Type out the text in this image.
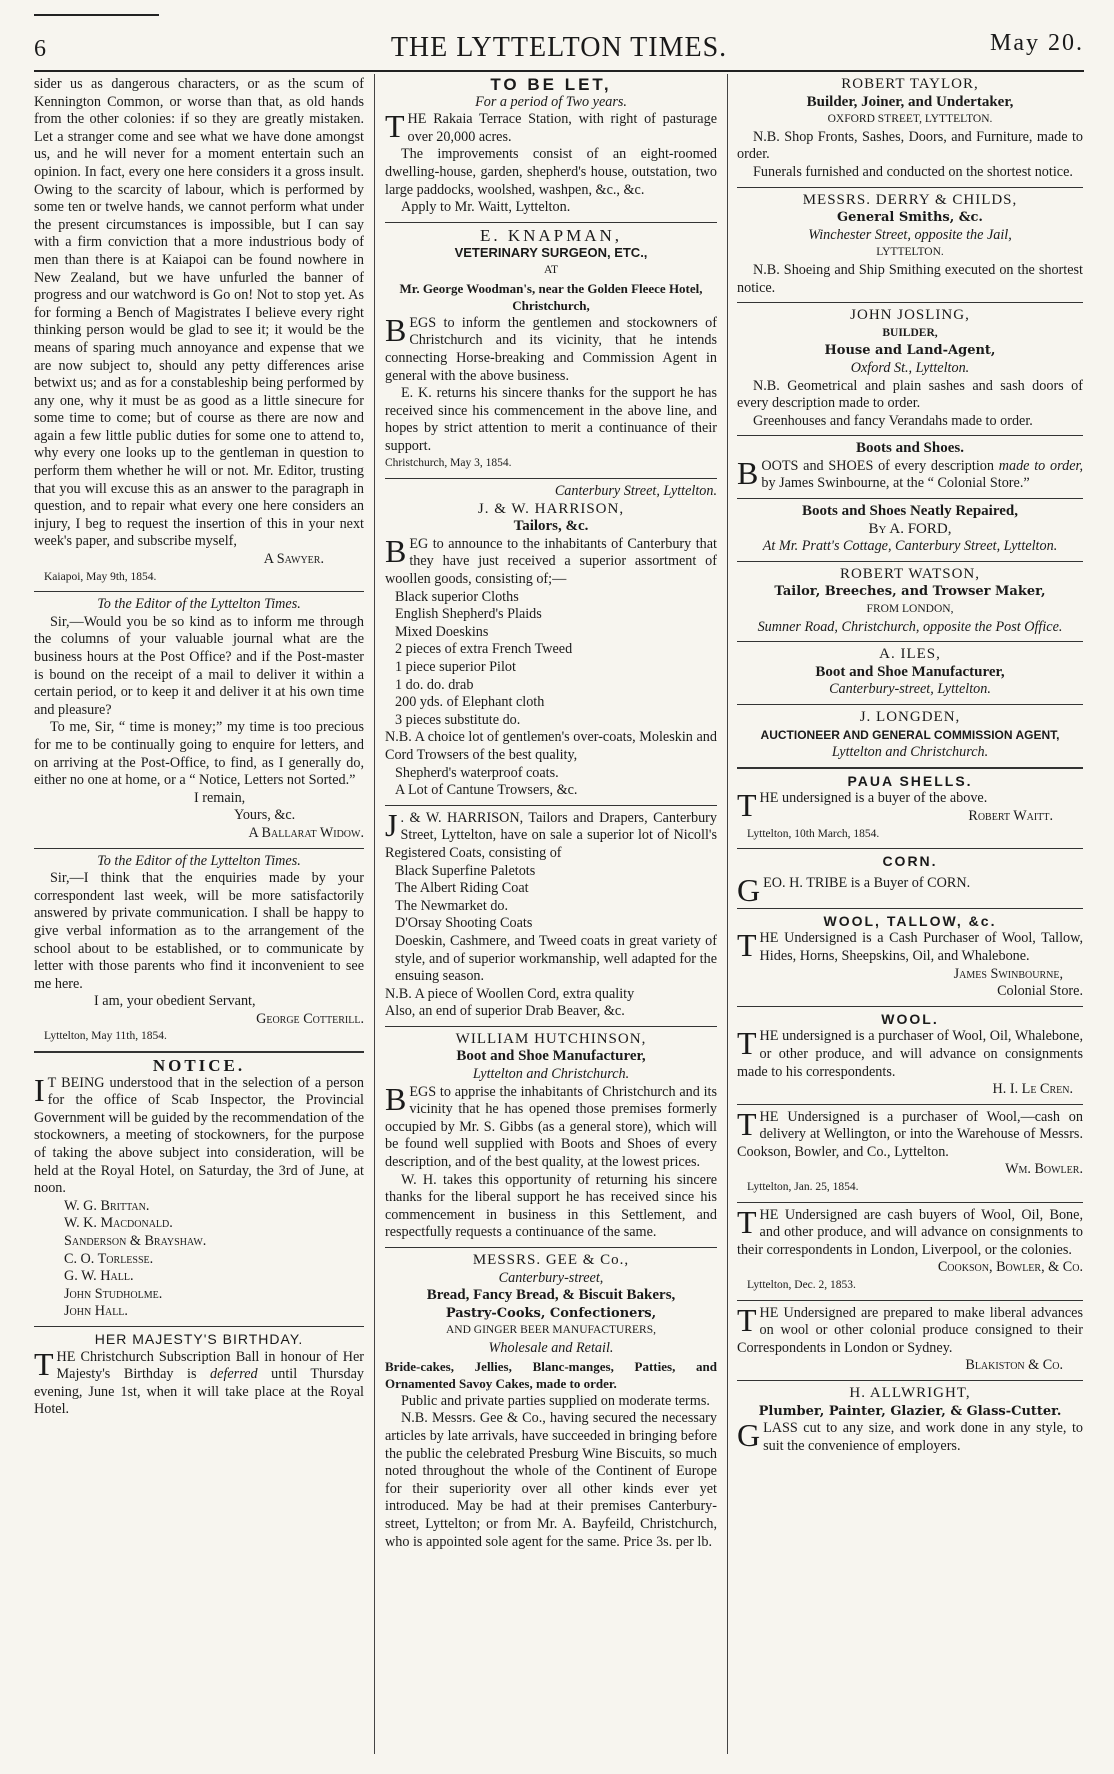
6	THE LYTTELTON TIMES.	May 20.

sider us as dangerous characters, or as the scum of Kennington Common, or worse than that, as old hands from the other colonies: if so they are greatly mistaken. Let a stranger come and see what we have done amongst us, and he will never for a moment entertain such an opinion. In fact, every one here considers it a gross insult. Owing to the scarcity of labour, which is performed by some ten or twelve hands, we cannot perform what under the present circumstances is impossible, but I can say with a firm conviction that a more industrious body of men than there is at Kaiapoi can be found nowhere in New Zealand, but we have unfurled the banner of progress and our watchword is Go on! Not to stop yet. As for forming a Bench of Magistrates I believe every right thinking person would be glad to see it; it would be the means of sparing much annoyance and expense that we are now subject to, should any petty differences arise betwixt us; and as for a constableship being performed by any one, why it must be as good as a little sinecure for some time to come; but of course as there are now and again a few little public duties for some one to attend to, why every one looks up to the gentleman in question to perform them whether he will or not. Mr. Editor, trusting that you will excuse this as an answer to the paragraph in question, and to repair what every one here considers an injury, I beg to request the insertion of this in your next week's paper, and subscribe myself,

A Sawyer.

Kaiapoi, May 9th, 1854.

To the Editor of the Lyttelton Times.

Sir,—Would you be so kind as to inform me through the columns of your valuable journal what are the business hours at the Post Office? and if the Post-master is bound on the receipt of a mail to deliver it within a certain period, or to keep it and deliver it at his own time and pleasure?

To me, Sir, “ time is money;” my time is too precious for me to be continually going to enquire for letters, and on arriving at the Post-Office, to find, as I generally do, either no one at home, or a “ Notice, Letters not Sorted.”

I remain,

Yours, &c.

A Ballarat Widow.

To the Editor of the Lyttelton Times.

Sir,—I think that the enquiries made by your correspondent last week, will be more satisfactorily answered by private communication. I shall be happy to give verbal information as to the arrangement of the school about to be established, or to communicate by letter with those parents who find it inconvenient to see me here.

I am, your obedient Servant,

George Cotterill.

Lyttelton, May 11th, 1854.

NOTICE.

I T BEING understood that in the selection of a person for the office of Scab Inspector, the Provincial Government will be guided by the recommendation of the stockowners, a meeting of stockowners, for the purpose of taking the above subject into consideration, will be held at the Royal Hotel, on Saturday, the 3rd of June, at noon.

W. G. Brittan.

W. K. Macdonald.

Sanderson & Brayshaw.

C. O. Torlesse.

G. W. Hall.

John Studholme.

John Hall.

HER MAJESTY'S BIRTHDAY.

THE Christchurch Subscription Ball in honour of Her Majesty's Birthday is deferred until Thursday evening, June 1st, when it will take place at the Royal Hotel.

TO BE LET,

For a period of Two years.

THE Rakaia Terrace Station, with right of pasturage over 20,000 acres.

The improvements consist of an eight-roomed dwelling-house, garden, shepherd's house, outstation, two large paddocks, woolshed, washpen, &c., &c.

Apply to Mr. Waitt, Lyttelton.

E. KNAPMAN,

VETERINARY SURGEON, ETC.,

AT

Mr. George Woodman's, near the Golden Fleece Hotel, Christchurch,

BEGS to inform the gentlemen and stockowners of Christchurch and its vicinity, that he intends connecting Horse-breaking and Commission Agent in general with the above business.

E. K. returns his sincere thanks for the support he has received since his commencement in the above line, and hopes by strict attention to merit a continuance of their support.

Christchurch, May 3, 1854.

Canterbury Street, Lyttelton.

J. & W. HARRISON,

Tailors, &c.

BEG to announce to the inhabitants of Canterbury that they have just received a superior assortment of woollen goods, consisting of;—

Black superior Cloths

English Shepherd's Plaids

Mixed Doeskins

2 pieces of extra French Tweed

1 piece superior Pilot

1 do. do. drab

200 yds. of Elephant cloth

3 pieces substitute do.

N.B. A choice lot of gentlemen's over-coats, Moleskin and Cord Trowsers of the best quality,

Shepherd's waterproof coats.

A Lot of Cantune Trowsers, &c.

J . & W. HARRISON, Tailors and Drapers, Canterbury Street, Lyttelton, have on sale a superior lot of Nicoll's Registered Coats, consisting of

Black Superfine Paletots

The Albert Riding Coat

The Newmarket do.

D'Orsay Shooting Coats

Doeskin, Cashmere, and Tweed coats in great variety of style, and of superior workmanship, well adapted for the ensuing season.

N.B. A piece of Woollen Cord, extra quality

Also, an end of superior Drab Beaver, &c.

WILLIAM HUTCHINSON,

Boot and Shoe Manufacturer,

Lyttelton and Christchurch.

BEGS to apprise the inhabitants of Christchurch and its vicinity that he has opened those premises formerly occupied by Mr. S. Gibbs (as a general store), which will be found well supplied with Boots and Shoes of every description, and of the best quality, at the lowest prices.

W. H. takes this opportunity of returning his sincere thanks for the liberal support he has received since his commencement in business in this Settlement, and respectfully requests a continuance of the same.

MESSRS. GEE & Co.,

Canterbury-street,

Bread, Fancy Bread, & Biscuit Bakers,

Pastry-Cooks, Confectioners,

AND GINGER BEER MANUFACTURERS,

Wholesale and Retail.

Bride-cakes, Jellies, Blanc-manges, Patties, and Ornamented Savoy Cakes, made to order.

Public and private parties supplied on moderate terms.

N.B. Messrs. Gee & Co., having secured the necessary articles by late arrivals, have succeeded in bringing before the public the celebrated Presburg Wine Biscuits, so much noted throughout the whole of the Continent of Europe for their superiority over all other kinds ever yet introduced. May be had at their premises Canterbury-street, Lyttelton; or from Mr. A. Bayfeild, Christchurch, who is appointed sole agent for the same. Price 3s. per lb.

ROBERT TAYLOR,

Builder, Joiner, and Undertaker,

OXFORD STREET, LYTTELTON.

N.B. Shop Fronts, Sashes, Doors, and Furniture, made to order.

Funerals furnished and conducted on the shortest notice.

MESSRS. DERRY & CHILDS,

General Smiths, &c.

Winchester Street, opposite the Jail,

LYTTELTON.

N.B. Shoeing and Ship Smithing executed on the shortest notice.

JOHN JOSLING,

BUILDER,

House and Land-Agent,

Oxford St., Lyttelton.

N.B. Geometrical and plain sashes and sash doors of every description made to order.

Greenhouses and fancy Verandahs made to order.

Boots and Shoes.

BOOTS and SHOES of every description made to order, by James Swinbourne, at the “ Colonial Store.”

Boots and Shoes Neatly Repaired,

By A. FORD,

At Mr. Pratt's Cottage, Canterbury Street, Lyttelton.

ROBERT WATSON,

Tailor, Breeches, and Trowser Maker,

FROM LONDON,

Sumner Road, Christchurch, opposite the Post Office.

A. ILES,

Boot and Shoe Manufacturer,

Canterbury-street, Lyttelton.

J. LONGDEN,

AUCTIONEER AND GENERAL COMMISSION AGENT,

Lyttelton and Christchurch.

PAUA SHELLS.

THE undersigned is a buyer of the above.

Robert Waitt.

Lyttelton, 10th March, 1854.

CORN.

GEO. H. TRIBE is a Buyer of CORN.

WOOL, TALLOW, &c.

THE Undersigned is a Cash Purchaser of Wool, Tallow, Hides, Horns, Sheepskins, Oil, and Whalebone.

James Swinbourne,

Colonial Store.

WOOL.

THE undersigned is a purchaser of Wool, Oil, Whalebone, or other produce, and will advance on consignments made to his correspondents.

H. I. Le Cren.

THE Undersigned is a purchaser of Wool,—cash on delivery at Wellington, or into the Warehouse of Messrs. Cookson, Bowler, and Co., Lyttelton.

Wm. Bowler.

Lyttelton, Jan. 25, 1854.

THE Undersigned are cash buyers of Wool, Oil, Bone, and other produce, and will advance on consignments to their correspondents in London, Liverpool, or the colonies.

Cookson, Bowler, & Co.

Lyttelton, Dec. 2, 1853.

THE Undersigned are prepared to make liberal advances on wool or other colonial produce consigned to their Correspondents in London or Sydney.

Blakiston & Co.

H. ALLWRIGHT,

Plumber, Painter, Glazier, & Glass-Cutter.

GLASS cut to any size, and work done in any style, to suit the convenience of employers.
